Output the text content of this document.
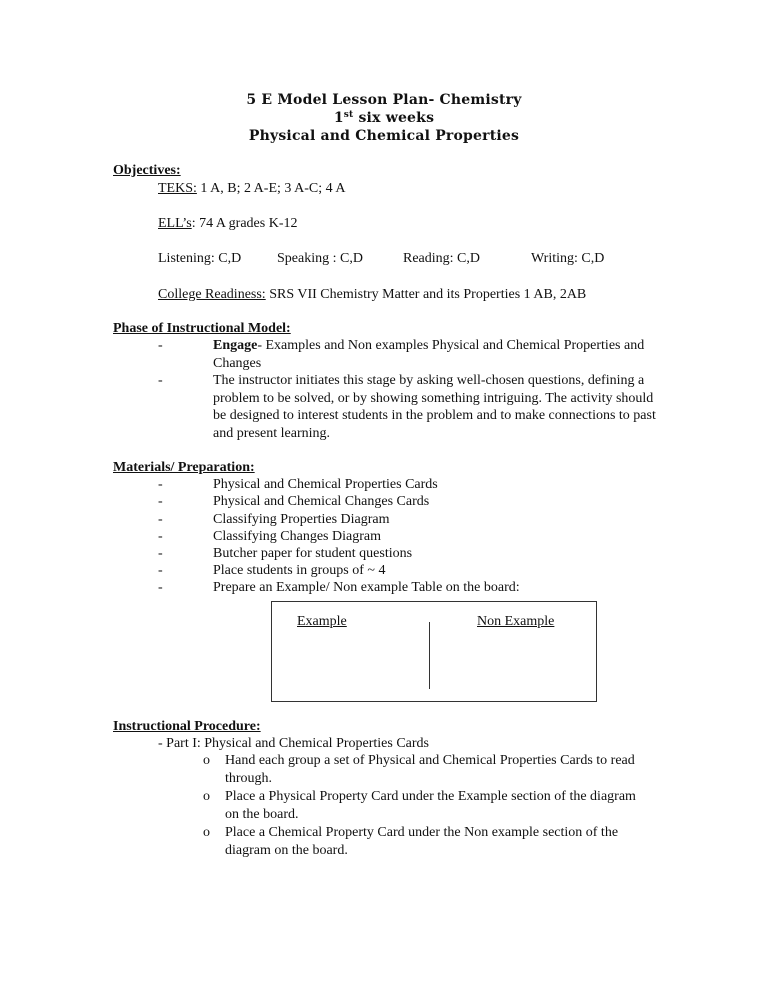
5 E Model Lesson Plan- Chemistry
1st six weeks
Physical and Chemical Properties
Objectives:
TEKS: 1 A, B; 2 A-E; 3 A-C; 4 A
ELL’s: 74 A grades K-12
Listening: C,D	Speaking : C,D	Reading: C,D	Writing: C,D
College Readiness: SRS VII Chemistry Matter and its Properties 1 AB, 2AB
Phase of Instructional Model:
-	Engage- Examples and Non examples Physical and Chemical Properties and Changes
-	The instructor initiates this stage by asking well-chosen questions, defining a problem to be solved, or by showing something intriguing. The activity should be designed to interest students in the problem and to make connections to past and present learning.
Materials/ Preparation:
-	Physical and Chemical Properties Cards
-	Physical and Chemical Changes Cards
-	Classifying Properties Diagram
-	Classifying Changes Diagram
-	Butcher paper for student questions
-	Place students in groups of ~ 4
-	Prepare an Example/ Non example Table on the board:
Example	Non Example
Instructional Procedure:
- Part I: Physical and Chemical Properties Cards
o Hand each group a set of Physical and Chemical Properties Cards to read through.
o Place a Physical Property Card under the Example section of the diagram on the board.
o Place a Chemical Property Card under the Non example section of the diagram on the board.
